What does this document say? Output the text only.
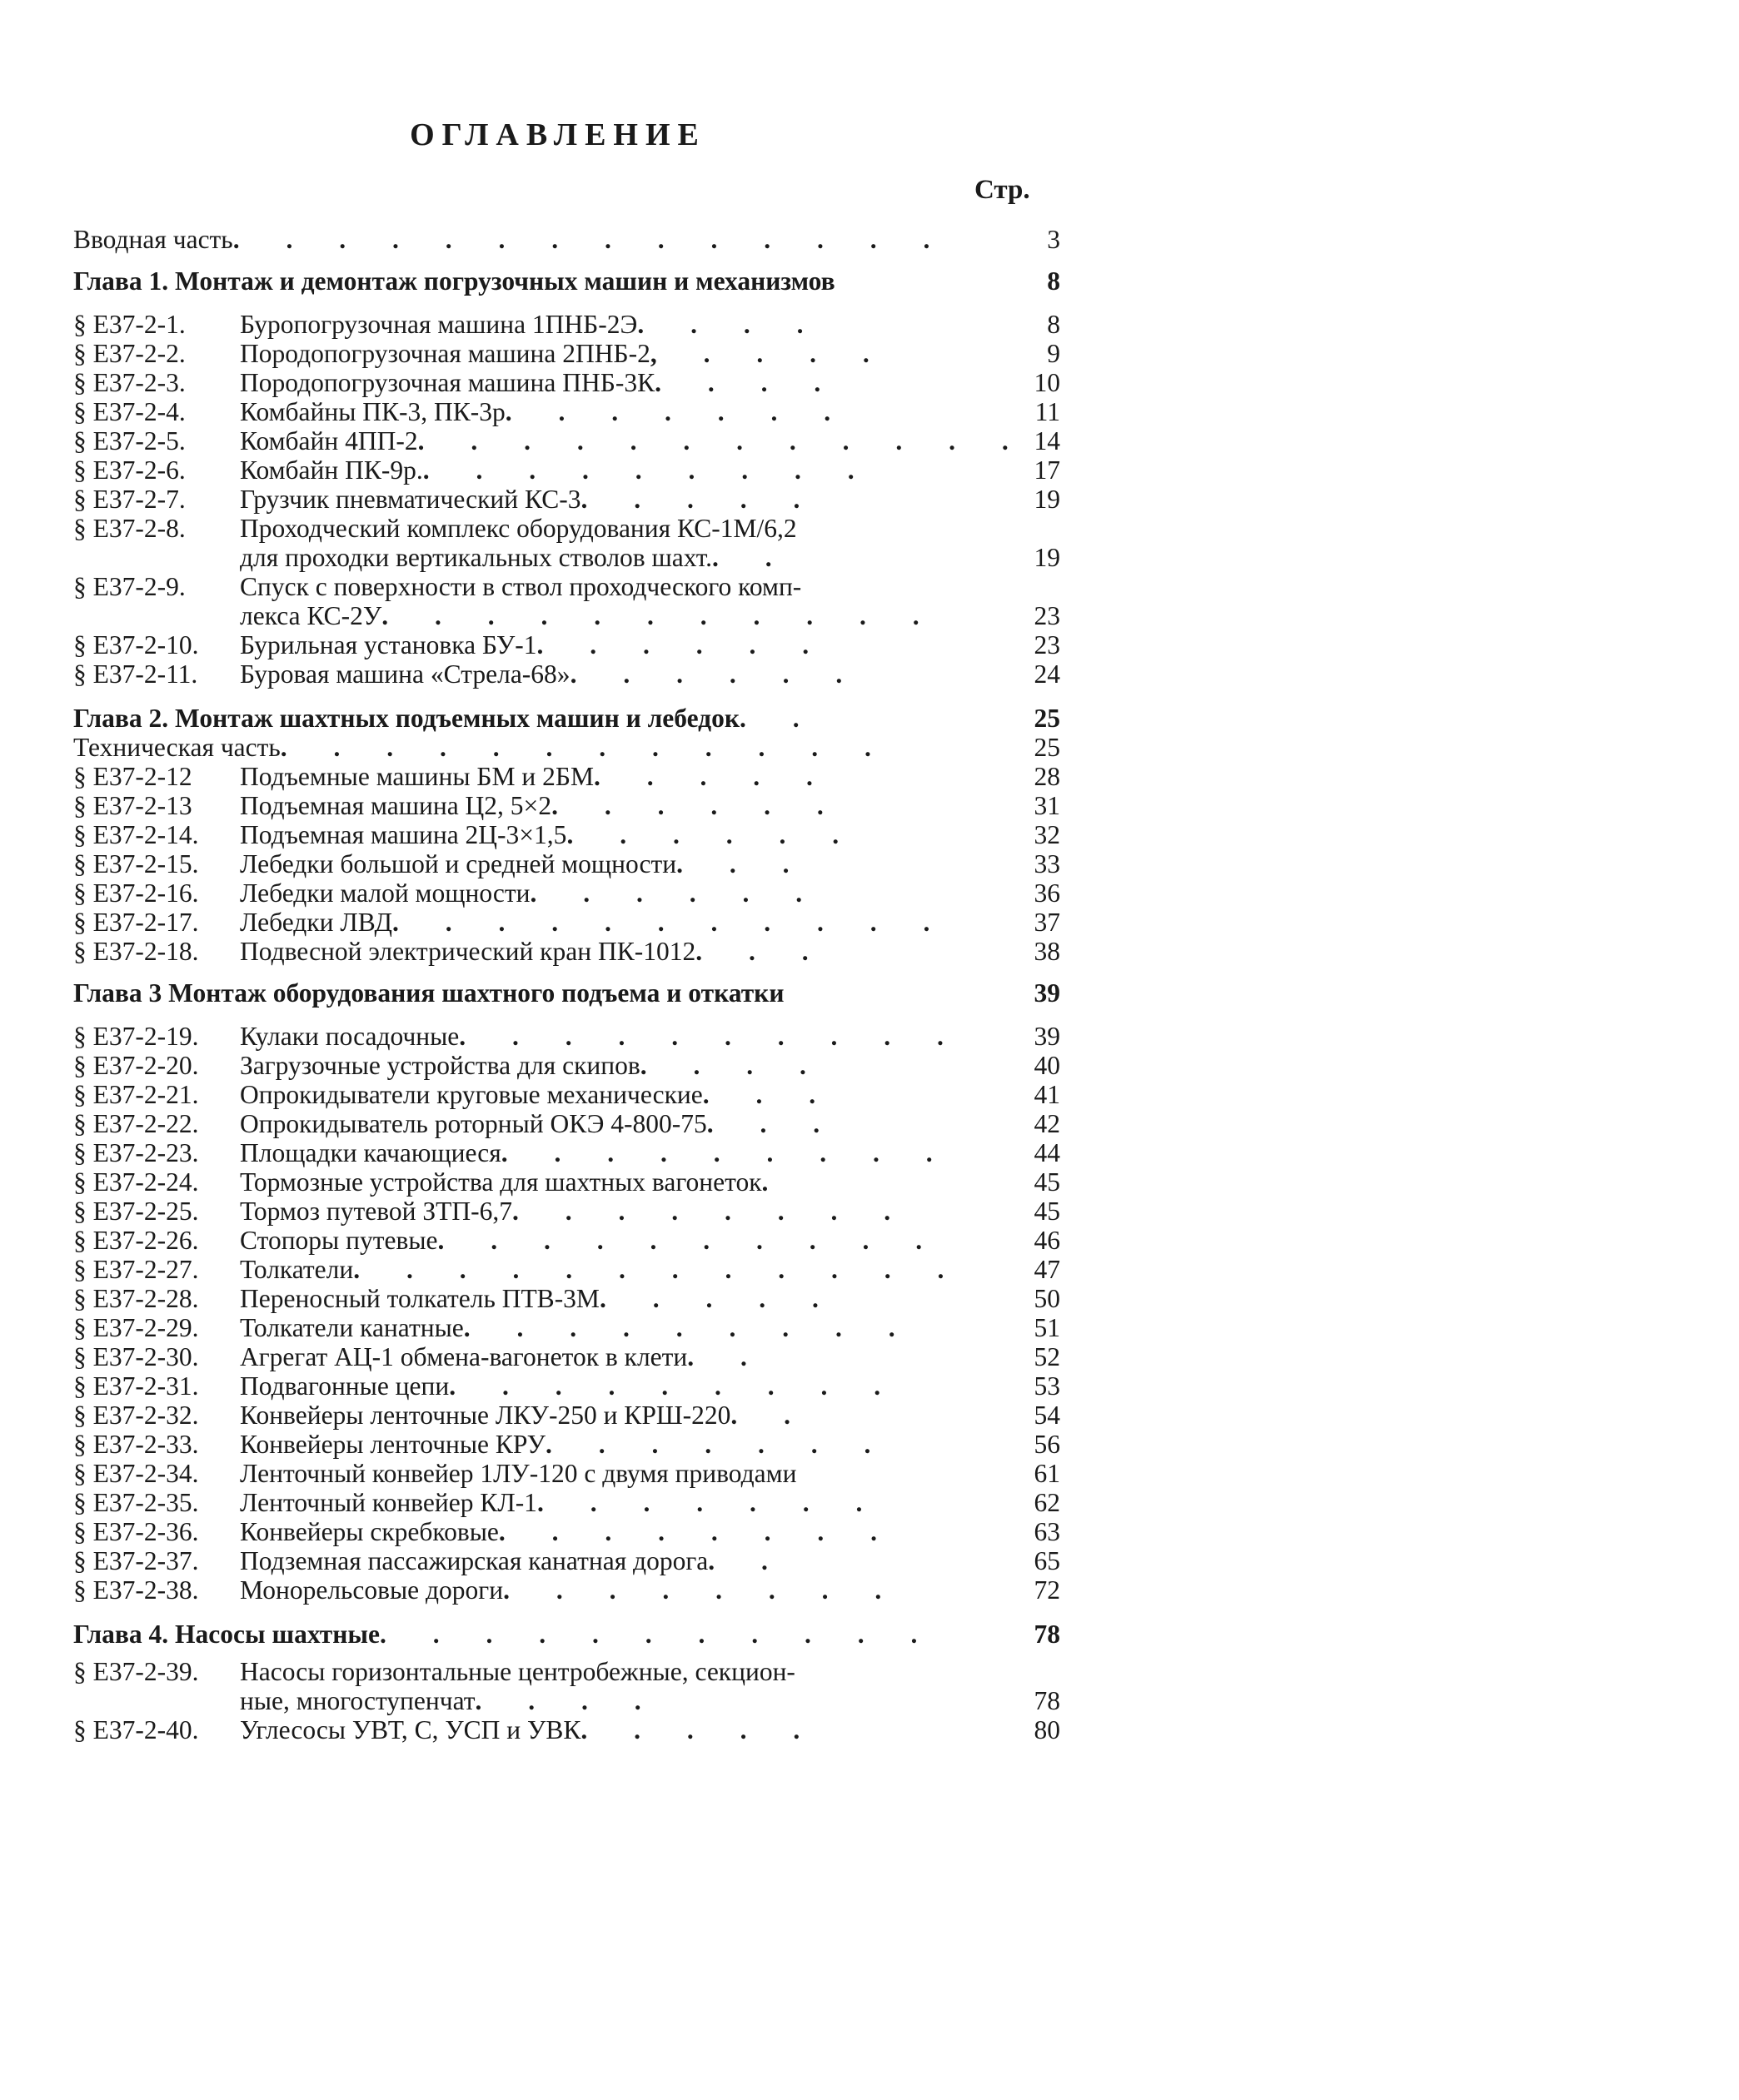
ОГЛАВЛЕНИЕ
Стр.
Вводная часть. . . . . . . . . . . . . .	3
Глава 1. Монтаж и демонтаж погрузочных машин и механизмов	8
§ Е37-2-1. Буропогрузочная машина 1ПНБ-2Э. . . .	8
§ Е37-2-2. Породопогрузочная машина 2ПНБ-2, . . . .	9
§ Е37-2-3. Породопогрузочная машина ПНБ-3К. . . .	10
§ Е37-2-4. Комбайны ПК-3, ПК-3р. . . . . . .	11
§ Е37-2-5. Комбайн 4ПП-2. . . . . . . . . . . . 14
§ Е37-2-6. Комбайн ПК-9р.. . . . . . . . .	17
§ Е37-2-7. Грузчик пневматический КС-3. . . . .	19
§ Е37-2-8. Проходческий комплекс оборудования КС-1М/6,2
для проходки вертикальных стволов шахт.. .	19
§ Е37-2-9. Спуск с поверхности в ствол проходческого комп-
лекса КС-2У. . . . . . . . . . .	23
§ Е37-2-10. Бурильная установка БУ-1. . . . . .	23
§ Е37-2-11. Буровая машина «Стрела-68». . . . . .	24
Глава 2. Монтаж шахтных подъемных машин и лебедок. .	25
Техническая часть. . . . . . . . . . . .	25
§ Е37-2-12 Подъемные машины БМ и 2БМ. . . . .	28
§ Е37-2-13 Подъемная машина Ц2, 5×2. . . . . .	31
§ Е37-2-14. Подъемная машина 2Ц-3×1,5. . . . . .	32
§ Е37-2-15. Лебедки большой и средней мощности. . .	33
§ Е37-2-16. Лебедки малой мощности. . . . . .	36
§ Е37-2-17. Лебедки ЛВД. . . . . . . . . . .	37
§ Е37-2-18. Подвесной электрический кран ПК-1012. . .	38
Глава 3 Монтаж оборудования шахтного подъема и откатки	39
§ Е37-2-19. Кулаки посадочные. . . . . . . . . .	39
§ Е37-2-20. Загрузочные устройства для скипов. . . .	40
§ Е37-2-21. Опрокидыватели круговые механические. . .	41
§ Е37-2-22. Опрокидыватель роторный ОКЭ 4-800-75. . .	42
§ Е37-2-23. Площадки качающиеся. . . . . . . . .	44
§ Е37-2-24. Тормозные устройства для шахтных вагонеток.	45
§ Е37-2-25. Тормоз путевой ЗТП-6,7. . . . . . . .	45
§ Е37-2-26. Стопоры путевые. . . . . . . . . .	46
§ Е37-2-27. Толкатели. . . . . . . . . . . .	47
§ Е37-2-28. Переносный толкатель ПТВ-3М. . . . .	50
§ Е37-2-29. Толкатели канатные. . . . . . . . .	51
§ Е37-2-30. Агрегат АЦ-1 обмена-вагонеток в клети. .	52
§ Е37-2-31. Подвагонные цепи. . . . . . . . .	53
§ Е37-2-32. Конвейеры ленточные ЛКУ-250 и КРШ-220. .	54
§ Е37-2-33. Конвейеры ленточные КРУ. . . . . . .	56
§ Е37-2-34. Ленточный конвейер 1ЛУ-120 с двумя приводами	61
§ Е37-2-35. Ленточный конвейер КЛ-1. . . . . . .	62
§ Е37-2-36. Конвейеры скребковые. . . . . . . .	63
§ Е37-2-37. Подземная пассажирская канатная дорога. .	65
§ Е37-2-38. Монорельсовые дороги. . . . . . . .	72
Глава 4. Насосы шахтные. . . . . . . . . . .	78
§ Е37-2-39. Насосы горизонтальные центробежные, секцион-
ные, многоступенчат. . . .	78
§ Е37-2-40. Углесосы УВТ, С, УСП и УВК. . . . .	80
